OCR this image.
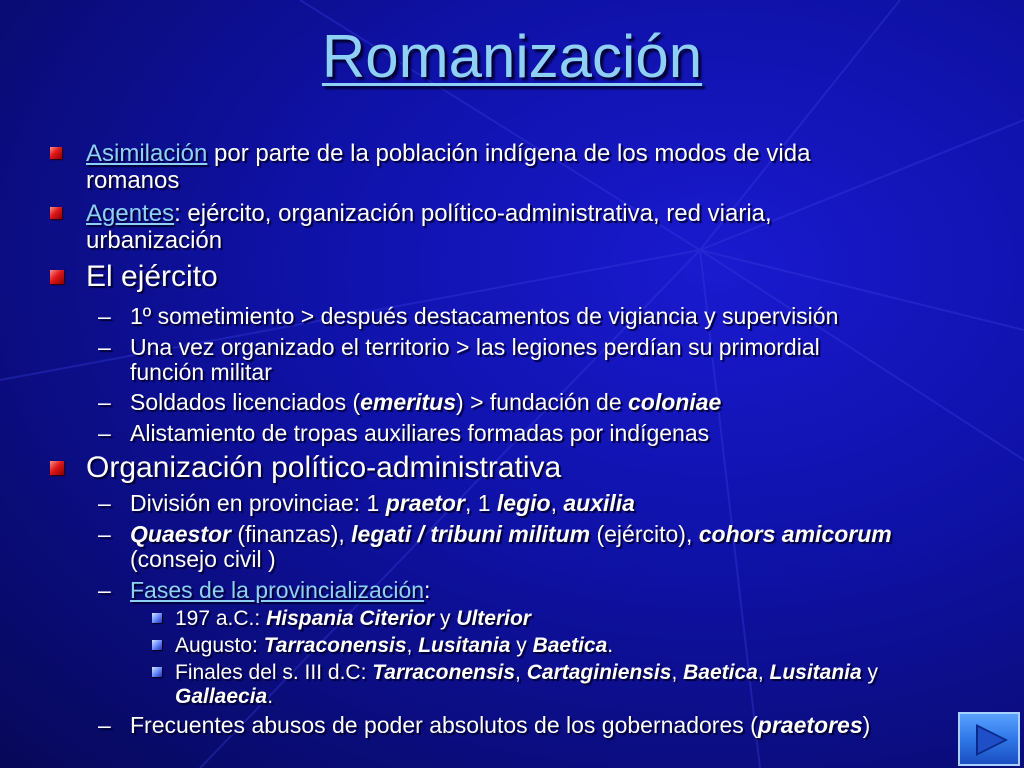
Romanización
Asimilación por parte de la población indígena de los modos de vida
romanos
Agentes: ejército, organización político-administrativa, red viaria,
urbanización
El ejército
– 1º sometimiento > después destacamentos de vigiancia y supervisión
– Una vez organizado el territorio > las legiones perdían su primordial
función militar
– Soldados licenciados (emeritus) > fundación de coloniae
– Alistamiento de tropas auxiliares formadas por indígenas
Organización político-administrativa
– División en provinciae: 1 praetor, 1 legio, auxilia
– Quaestor (finanzas), legati / tribuni militum (ejército), cohors amicorum
(consejo civil )
– Fases de la provincialización:
197 a.C.: Hispania Citerior y Ulterior
Augusto: Tarraconensis, Lusitania y Baetica.
Finales del s. III d.C: Tarraconensis, Cartaginiensis, Baetica, Lusitania y
Gallaecia.
– Frecuentes abusos de poder absolutos de los gobernadores (praetores)
